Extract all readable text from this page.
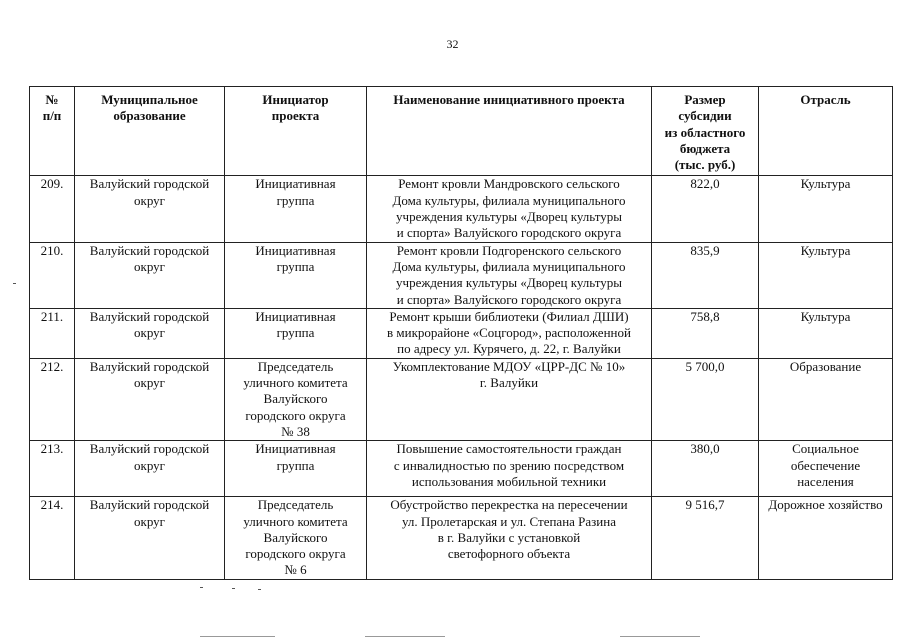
32
№
п/п	Муниципальное
образование	Инициатор
проекта	Наименование инициативного проекта	Размер
субсидии
из областного
бюджета
(тыс. руб.)	Отрасль

209.	Валуйский городской
округ	Инициативная
группа	Ремонт кровли Мандровского сельского
Дома культуры, филиала муниципального
учреждения культуры «Дворец культуры
и спорта» Валуйского городского округа	822,0	Культура

210.	Валуйский городской
округ	Инициативная
группа	Ремонт кровли Подгоренского сельского
Дома культуры, филиала муниципального
учреждения культуры «Дворец культуры
и спорта» Валуйского городского округа	835,9	Культура

211.	Валуйский городской
округ	Инициативная
группа	Ремонт крыши библиотеки (Филиал ДШИ)
в микрорайоне «Соцгород», расположенной
по адресу ул. Курячего, д. 22, г. Валуйки	758,8	Культура

212.	Валуйский городской
округ	Председатель
уличного комитета
Валуйского
городского округа
№ 38	Укомплектование МДОУ «ЦРР-ДС № 10»
г. Валуйки	5 700,0	Образование

213.	Валуйский городской
округ	Инициативная
группа	Повышение самостоятельности граждан
с инвалидностью по зрению посредством
использования мобильной техники	380,0	Социальное
обеспечение
населения

214.	Валуйский городской
округ	Председатель
уличного комитета
Валуйского
городского округа
№ 6	Обустройство перекрестка на пересечении
ул. Пролетарская и ул. Степана Разина
в г. Валуйки с установкой
светофорного объекта	9 516,7	Дорожное хозяйство
